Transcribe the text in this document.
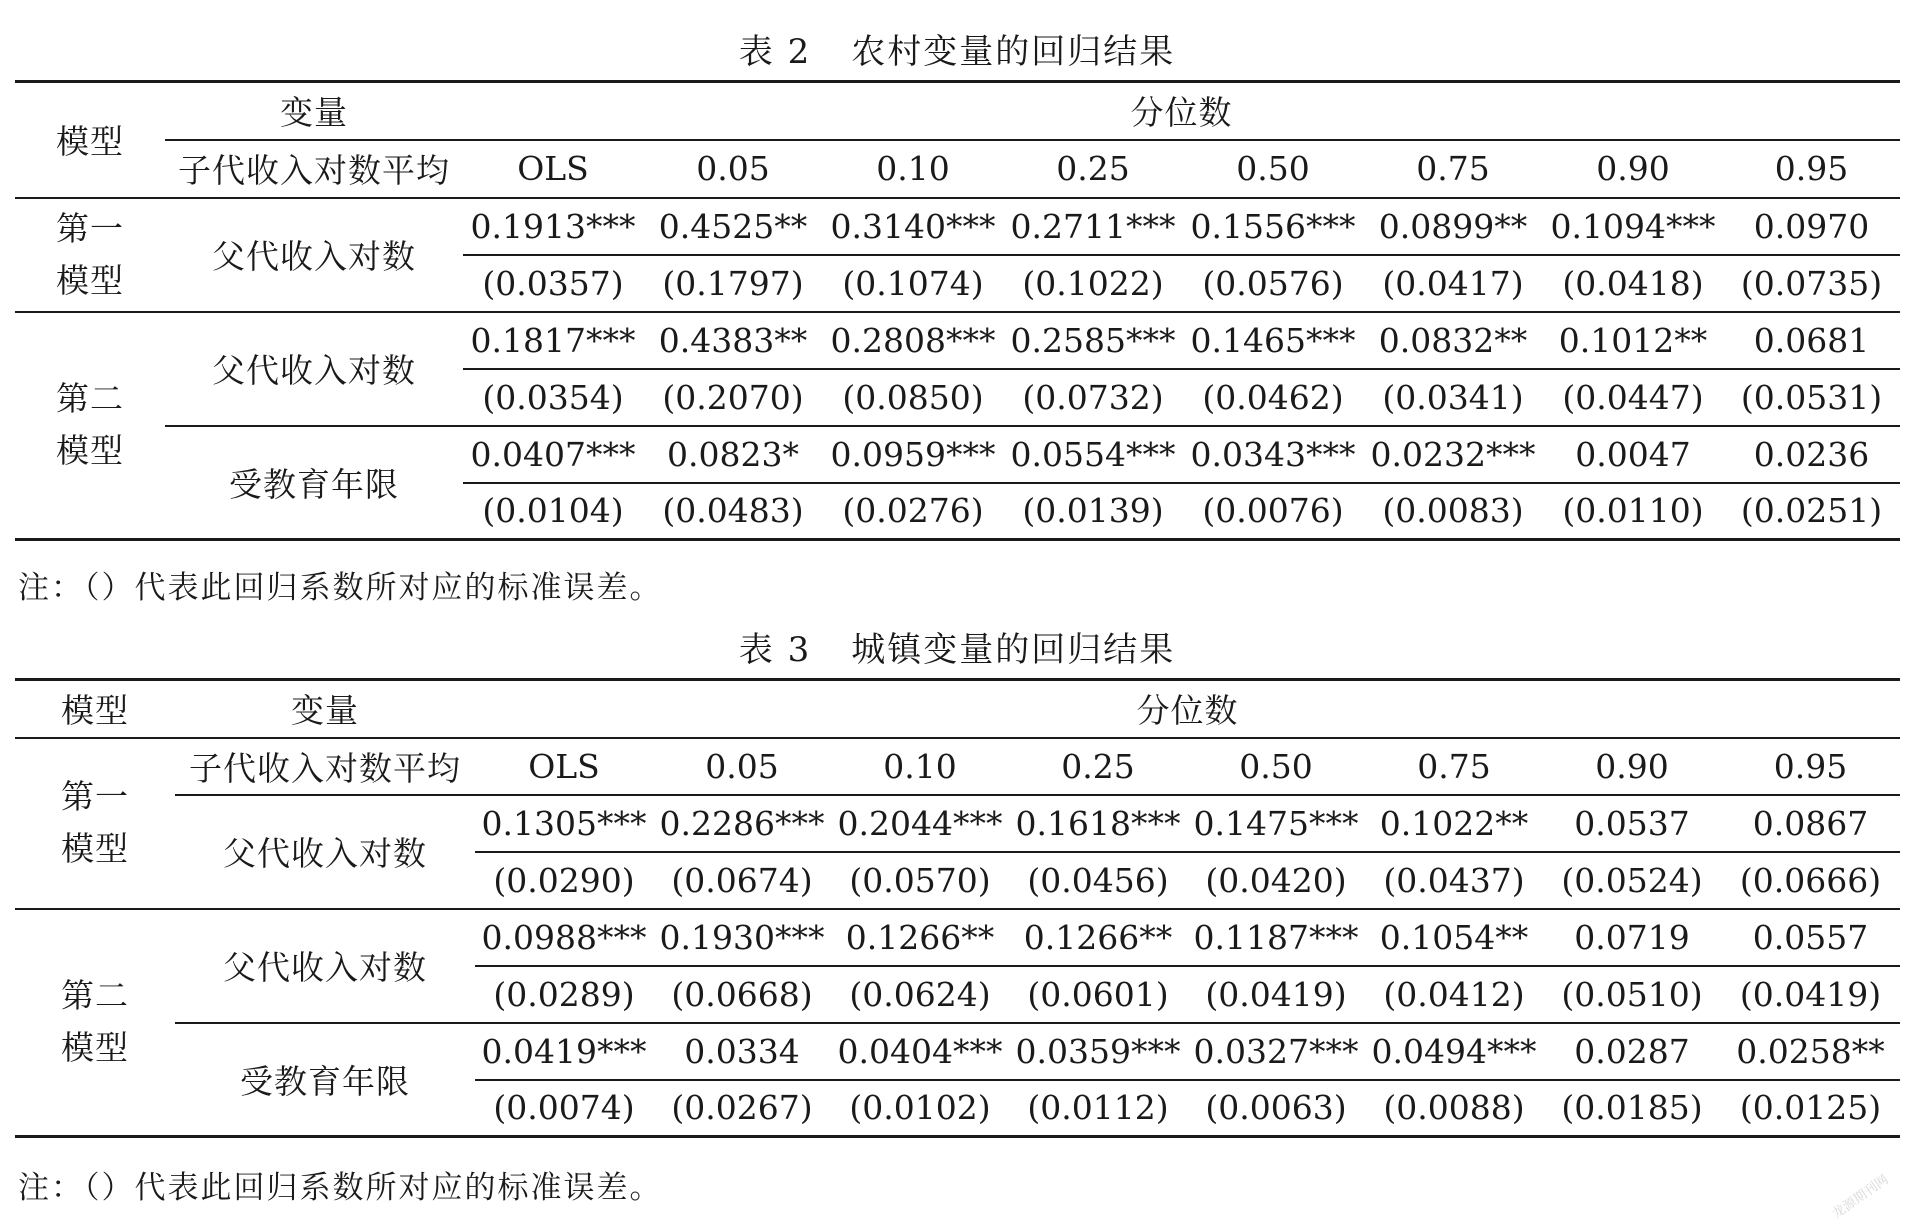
表 2 农村变量的回归结果
模型	变量	分位数							
	子代收入对数平均	OLS	0.05	0.10	0.25	0.50	0.75	0.90	0.95
第一
模型	父代收入对数	0.1913***	0.4525**	0.3140***	0.2711***	0.1556***	0.0899**	0.1094***	0.0970
		(0.0357)	(0.1797)	(0.1074)	(0.1022)	(0.0576)	(0.0417)	(0.0418)	(0.0735)
第二
模型	父代收入对数	0.1817***	0.4383**	0.2808***	0.2585***	0.1465***	0.0832**	0.1012**	0.0681
		(0.0354)	(0.2070)	(0.0850)	(0.0732)	(0.0462)	(0.0341)	(0.0447)	(0.0531)
	受教育年限	0.0407***	0.0823*	0.0959***	0.0554***	0.0343***	0.0232***	0.0047	0.0236
		(0.0104)	(0.0483)	(0.0276)	(0.0139)	(0.0076)	(0.0083)	(0.0110)	(0.0251)
注：（）代表此回归系数所对应的标准误差。
表 3 城镇变量的回归结果
模型	变量	分位数							
第一
模型	子代收入对数平均	OLS	0.05	0.10	0.25	0.50	0.75	0.90	0.95
	父代收入对数	0.1305***	0.2286***	0.2044***	0.1618***	0.1475***	0.1022**	0.0537	0.0867
		(0.0290)	(0.0674)	(0.0570)	(0.0456)	(0.0420)	(0.0437)	(0.0524)	(0.0666)
第二
模型	父代收入对数	0.0988***	0.1930***	0.1266**	0.1266**	0.1187***	0.1054**	0.0719	0.0557
		(0.0289)	(0.0668)	(0.0624)	(0.0601)	(0.0419)	(0.0412)	(0.0510)	(0.0419)
	受教育年限	0.0419***	0.0334	0.0404***	0.0359***	0.0327***	0.0494***	0.0287	0.0258**
		(0.0074)	(0.0267)	(0.0102)	(0.0112)	(0.0063)	(0.0088)	(0.0185)	(0.0125)
注：（）代表此回归系数所对应的标准误差。	龙源期刊网
